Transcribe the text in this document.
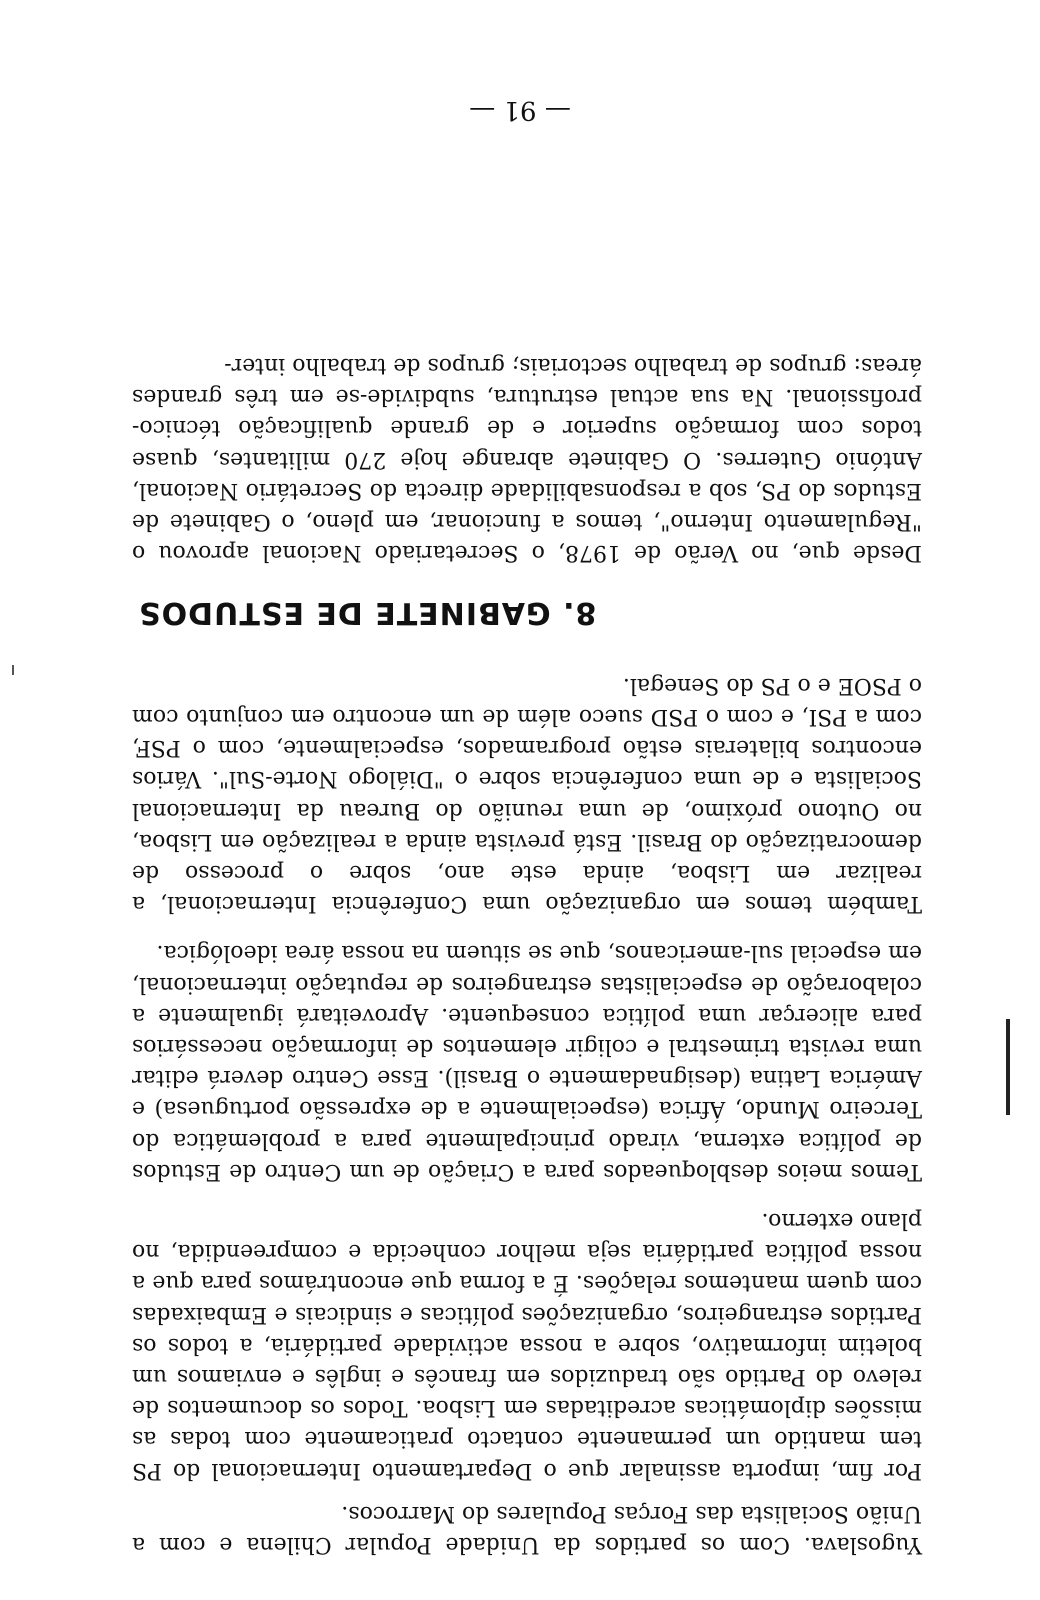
Yugoslava. Com os partidos da Unidade Popular Chilena e com a União Socialista das Forças Populares do Marrocos.

Por fim, importa assinalar que o Departamento Internacional do PS tem mantido um permanente contacto praticamente com todas as missões diplomáticas acreditadas em Lisboa. Todos os documentos de relevo do Partido são traduzidos em francês e inglês e enviamos um boletim informativo, sobre a nossa actividade partidária, a todos os Partidos estrangeiros, organizações políticas e sindicais e Embaixadas com quem mantemos relações. É a forma que encontrámos para que a nossa política partidária seja melhor conhecida e compreendida, no plano externo.

Temos meios desbloqueados para a Criação de um Centro de Estudos de política externa, virado principalmente para a problemática do Terceiro Mundo, África (especialmente a de expressão portuguesa) e América Latina (designadamente o Brasil). Esse Centro deverá editar uma revista trimestral e coligir elementos de informação necessários para alicerçar uma política consequente. Aproveitará igualmente a colaboração de especialistas estrangeiros de reputação internacional, em especial sul-americanos, que se situem na nossa área ideológica.

Também temos em organização uma Conferência Internacional, a realizar em Lisboa, ainda este ano, sobre o processo de democratização do Brasil. Está prevista ainda a realização em Lisboa, no Outono próximo, de uma reunião do Bureau da Internacional Socialista e de uma conferência sobre o "Diálogo Norte-Sul". Vários encontros bilaterais estão programados, especialmente, com o PSF, com a PSI, e com o PSD sueco além de um encontro em conjunto com o PSOE e o PS do Senegal.

8. GABINETE DE ESTUDOS

Desde que, no Verão de 1978, o Secretariado Nacional aprovou o "Regulamento Interno", temos a funcionar, em pleno, o Gabinete de Estudos do PS, sob a responsabilidade directa do Secretário Nacional, António Guterres. O Gabinete abrange hoje 270 militantes, quase todos com formação superior e de grande qualificação técnico-profissional. Na sua actual estrutura, subdivide-se em três grandes áreas: grupos de trabalho sectoriais; grupos de trabalho inter-

— 91 —
